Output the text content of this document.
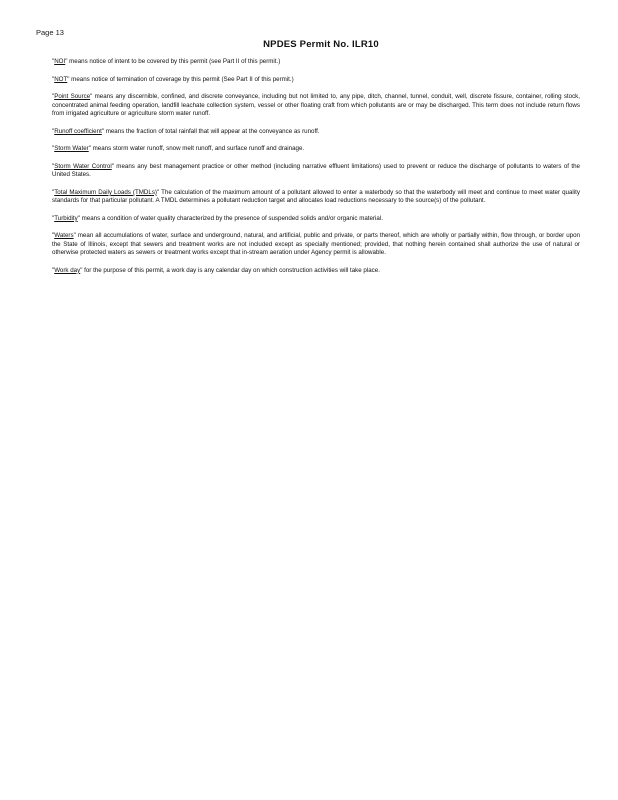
Page 13
NPDES Permit No. ILR10

"NOI" means notice of intent to be covered by this permit (see Part II of this permit.)

"NOT" means notice of termination of coverage by this permit (See Part II of this permit.)

"Point Source" means any discernible, confined, and discrete conveyance, including but not limited to, any pipe, ditch, channel, tunnel, conduit, well, discrete fissure, container, rolling stock, concentrated animal feeding operation, landfill leachate collection system, vessel or other floating craft from which pollutants are or may be discharged. This term does not include return flows from irrigated agriculture or agriculture storm water runoff.

"Runoff coefficient" means the fraction of total rainfall that will appear at the conveyance as runoff.

"Storm Water" means storm water runoff, snow melt runoff, and surface runoff and drainage.

"Storm Water Control" means any best management practice or other method (including narrative effluent limitations) used to prevent or reduce the discharge of pollutants to waters of the United States.

"Total Maximum Daily Loads (TMDLs)" The calculation of the maximum amount of a pollutant allowed to enter a waterbody so that the waterbody will meet and continue to meet water quality standards for that particular pollutant. A TMDL determines a pollutant reduction target and allocates load reductions necessary to the source(s) of the pollutant.

"Turbidity" means a condition of water quality characterized by the presence of suspended solids and/or organic material.

"Waters" mean all accumulations of water, surface and underground, natural, and artificial, public and private, or parts thereof, which are wholly or partially within, flow through, or border upon the State of Illinois, except that sewers and treatment works are not included except as specially mentioned; provided, that nothing herein contained shall authorize the use of natural or otherwise protected waters as sewers or treatment works except that in-stream aeration under Agency permit is allowable.

"Work day" for the purpose of this permit, a work day is any calendar day on which construction activities will take place.
